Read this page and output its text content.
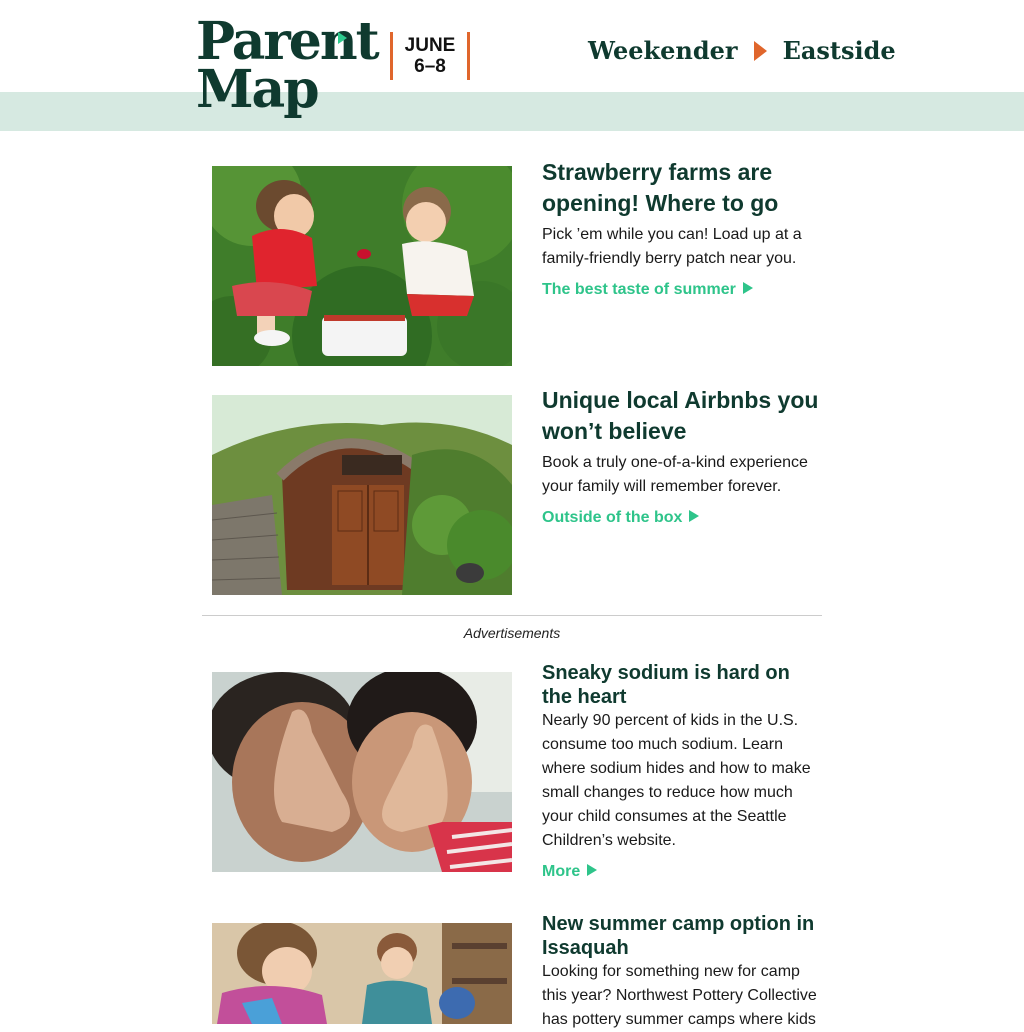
Parent
Map
JUNE
6–8
Weekender Eastside
Strawberry farms are opening! Where to go

Pick ’em while you can! Load up at a family-friendly berry patch near you.

The best taste of summer
Unique local Airbnbs you won’t believe

Book a truly one-of-a-kind experience your family will remember forever.

Outside of the box
Advertisements
Sneaky sodium is hard on the heart

Nearly 90 percent of kids in the U.S. consume too much sodium. Learn where sodium hides and how to make small changes to reduce how much your child consumes at the Seattle Children’s website.

More
New summer camp option in Issaquah

Looking for something new for camp this year? Northwest Pottery Collective has pottery summer camps where kids
